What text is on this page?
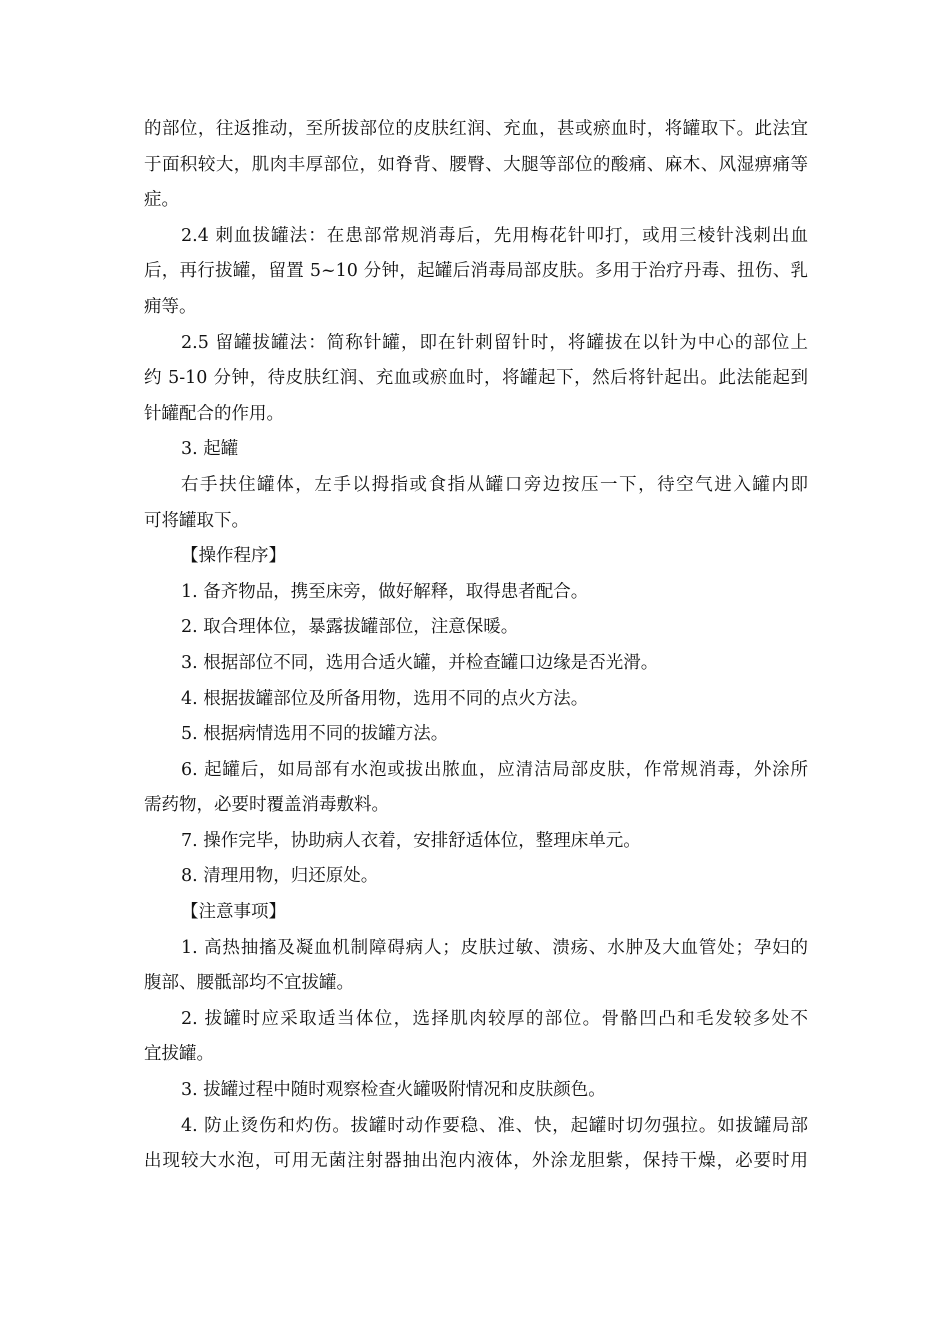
的部位，往返推动，至所拔部位的皮肤红润、充血，甚或瘀血时，将罐取下。此法宜
于面积较大，肌肉丰厚部位，如脊背、腰臀、大腿等部位的酸痛、麻木、风湿痹痛等
症。
2.4 刺血拔罐法：在患部常规消毒后，先用梅花针叩打，或用三棱针浅刺出血
后，再行拔罐，留置 5~10 分钟，起罐后消毒局部皮肤。多用于治疗丹毒、扭伤、乳
痈等。
2.5 留罐拔罐法：简称针罐，即在针刺留针时，将罐拔在以针为中心的部位上
约 5-10 分钟，待皮肤红润、充血或瘀血时，将罐起下，然后将针起出。此法能起到
针罐配合的作用。
3. 起罐
右手扶住罐体，左手以拇指或食指从罐口旁边按压一下，待空气进入罐内即
可将罐取下。
【操作程序】
1. 备齐物品，携至床旁，做好解释，取得患者配合。
2. 取合理体位，暴露拔罐部位，注意保暖。
3. 根据部位不同，选用合适火罐，并检查罐口边缘是否光滑。
4. 根据拔罐部位及所备用物，选用不同的点火方法。
5. 根据病情选用不同的拔罐方法。
6. 起罐后，如局部有水泡或拔出脓血，应清洁局部皮肤，作常规消毒，外涂所
需药物，必要时覆盖消毒敷料。
7. 操作完毕，协助病人衣着，安排舒适体位，整理床单元。
8. 清理用物，归还原处。
【注意事项】
1. 高热抽搐及凝血机制障碍病人；皮肤过敏、溃疡、水肿及大血管处；孕妇的
腹部、腰骶部均不宜拔罐。
2. 拔罐时应采取适当体位，选择肌肉较厚的部位。骨骼凹凸和毛发较多处不
宜拔罐。
3. 拔罐过程中随时观察检查火罐吸附情况和皮肤颜色。
4. 防止烫伤和灼伤。拔罐时动作要稳、准、快，起罐时切勿强拉。如拔罐局部
出现较大水泡，可用无菌注射器抽出泡内液体，外涂龙胆紫，保持干燥，必要时用
